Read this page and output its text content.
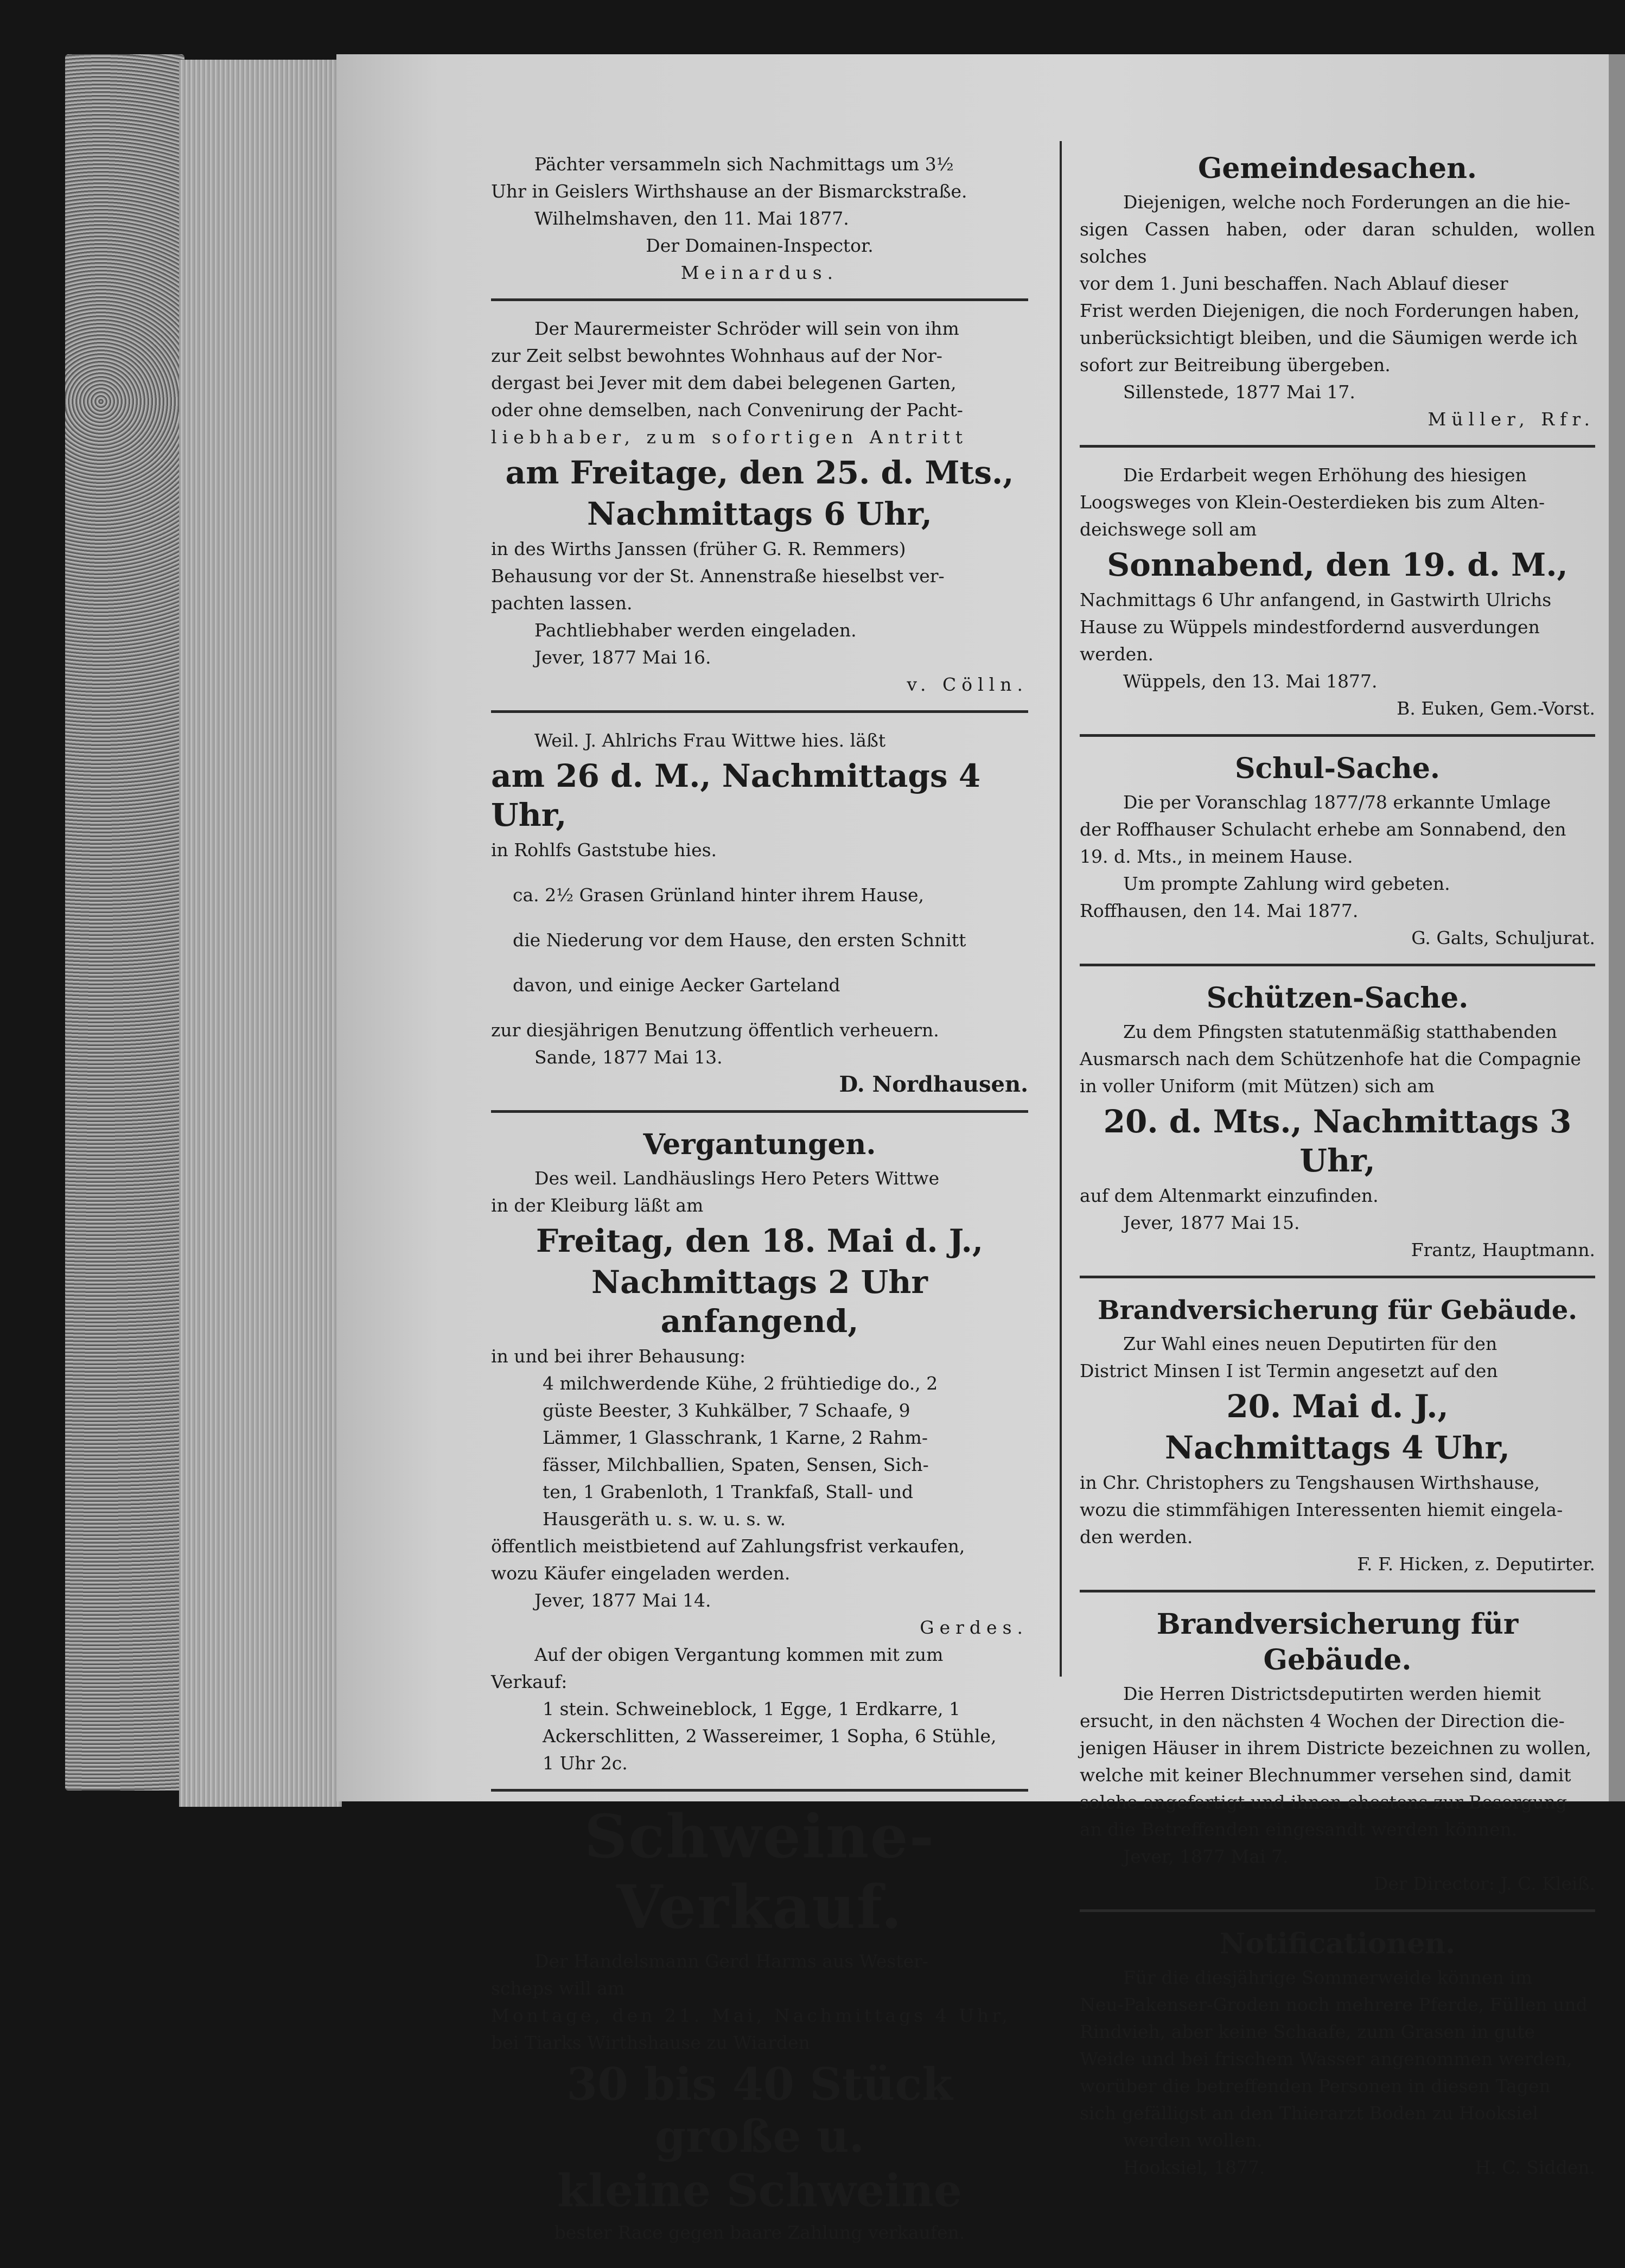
Pächter versammeln sich Nachmittags um 3½

Uhr in Geislers Wirthshause an der Bismarckstraße.

Wilhelmshaven, den 11. Mai 1877.

Der Domainen-Inspector.

Meinardus.

Der Maurermeister Schröder will sein von ihm

zur Zeit selbst bewohntes Wohnhaus auf der Nor-

dergast bei Jever mit dem dabei belegenen Garten,

oder ohne demselben, nach Convenirung der Pacht-

liebhaber, zum sofortigen Antritt

am Freitage, den 25. d. Mts.,

Nachmittags 6 Uhr,

in des Wirths Janssen (früher G. R. Remmers)

Behausung vor der St. Annenstraße hieselbst ver-

pachten lassen.

Pachtliebhaber werden eingeladen.

Jever, 1877 Mai 16.

v. Cölln.

Weil. J. Ahlrichs Frau Wittwe hies. läßt

am 26 d. M., Nachmittags 4 Uhr,

in Rohlfs Gaststube hies.

ca. 2½ Grasen Grünland hinter ihrem Hause,

die Niederung vor dem Hause, den ersten Schnitt

davon, und einige Aecker Garteland

zur diesjährigen Benutzung öffentlich verheuern.

Sande, 1877 Mai 13.

D. Nordhausen.

Vergantungen.

Des weil. Landhäuslings Hero Peters Wittwe

in der Kleiburg läßt am

Freitag, den 18. Mai d. J.,

Nachmittags 2 Uhr anfangend,

in und bei ihrer Behausung:

4 milchwerdende Kühe, 2 frühtiedige do., 2

güste Beester, 3 Kuhkälber, 7 Schaafe, 9

Lämmer, 1 Glasschrank, 1 Karne, 2 Rahm-

fässer, Milchballien, Spaten, Sensen, Sich-

ten, 1 Grabenloth, 1 Trankfaß, Stall- und

Hausgeräth u. s. w. u. s. w.

öffentlich meistbietend auf Zahlungsfrist verkaufen,

wozu Käufer eingeladen werden.

Jever, 1877 Mai 14.

Gerdes.

Auf der obigen Vergantung kommen mit zum

Verkauf:

1 stein. Schweineblock, 1 Egge, 1 Erdkarre, 1

Ackerschlitten, 2 Wassereimer, 1 Sopha, 6 Stühle,

1 Uhr 2c.

Schweine-Verkauf.

Der Handelsmann Gerd Harms aus Wester-

scheps will am

Montage, den 21. Mai, Nachmittags 4 Uhr,

bei Tiarks Wirthshause zu Wiarden

30 bis 40 Stück große u.

kleine Schweine

bester Race gegen baare Zahlung verkaufen.

Gemeindesachen.

Diejenigen, welche noch Forderungen an die hie-

sigen Cassen haben, oder daran schulden, wollen solches

vor dem 1. Juni beschaffen. Nach Ablauf dieser

Frist werden Diejenigen, die noch Forderungen haben,

unberücksichtigt bleiben, und die Säumigen werde ich

sofort zur Beitreibung übergeben.

Sillenstede, 1877 Mai 17.

Müller, Rfr.

Die Erdarbeit wegen Erhöhung des hiesigen

Loogsweges von Klein-Oesterdieken bis zum Alten-

deichswege soll am

Sonnabend, den 19. d. M.,

Nachmittags 6 Uhr anfangend, in Gastwirth Ulrichs

Hause zu Wüppels mindestfordernd ausverdungen

werden.

Wüppels, den 13. Mai 1877.

B. Euken, Gem.-Vorst.

Schul-Sache.

Die per Voranschlag 1877/78 erkannte Umlage

der Roffhauser Schulacht erhebe am Sonnabend, den

19. d. Mts., in meinem Hause.

Um prompte Zahlung wird gebeten.

Roffhausen, den 14. Mai 1877.

G. Galts, Schuljurat.

Schützen-Sache.

Zu dem Pfingsten statutenmäßig statthabenden

Ausmarsch nach dem Schützenhofe hat die Compagnie

in voller Uniform (mit Mützen) sich am

20. d. Mts., Nachmittags 3 Uhr,

auf dem Altenmarkt einzufinden.

Jever, 1877 Mai 15.

Frantz, Hauptmann.

Brandversicherung für Gebäude.

Zur Wahl eines neuen Deputirten für den

District Minsen I ist Termin angesetzt auf den

20. Mai d. J.,

Nachmittags 4 Uhr,

in Chr. Christophers zu Tengshausen Wirthshause,

wozu die stimmfähigen Interessenten hiemit eingela-

den werden.

F. F. Hicken, z. Deputirter.

Brandversicherung für Gebäude.

Die Herren Districtsdeputirten werden hiemit

ersucht, in den nächsten 4 Wochen der Direction die-

jenigen Häuser in ihrem Districte bezeichnen zu wollen,

welche mit keiner Blechnummer versehen sind, damit

solche angefertigt und ihnen ehestens zur Besorgung

an die Betreffenden eingesandt werden können.

Jever, 1877 Mai 7.

Der Director: J. C. Kleiß.

Notificationen.

Für die diesjährige Sommerweide können im

Neu-Pakenser-Groden noch mehrere Pferde, Füllen und

Rindvieh, aber keine Schaafe, zum Grasen in gute

Weide und bei frischem Wasser angenommen werden,

worüber die betreffenden Personen in diesen Tagen

sich gefälligst an den Thierarzt Boden zu Hooksiel

werden wollen.

Hooksiel, 1877.	H. C. Sidden.
